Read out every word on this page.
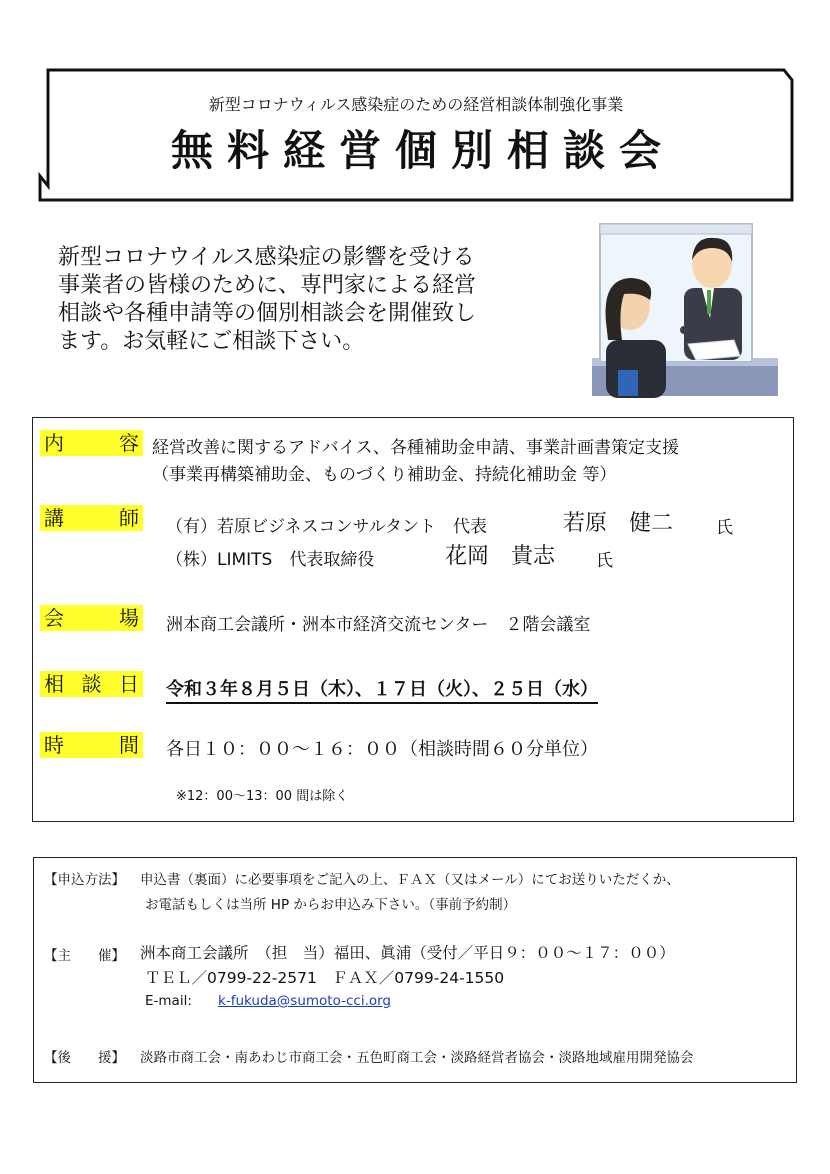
新型コロナウィルス感染症のための経営相談体制強化事業
無料経営個別相談会
新型コロナウイルス感染症の影響を受ける
事業者の皆様のために、専門家による経営
相談や各種申請等の個別相談会を開催致し
ます。お気軽にご相談下さい。
内	容 経営改善に関するアドバイス、各種補助金申請、事業計画書策定支援
（事業再構築補助金、ものづくり補助金、持続化補助金 等）
講	師 （有）若原ビジネスコンサルタント　代表	若原　健二	氏
（株）LIMITS　代表取締役	花岡　貴志 氏
会	場 洲本商工会議所・洲本市経済交流センター　２階会議室
相 談 日 令和３年８月５日（木）、１７日（火）、２５日（水）
時	間 各日１０：００～１６：００（相談時間６０分単位）
※12：00～13：00 間は除く
【申込方法】 申込書（裏面）に必要事項をご記入の上、ＦＡＸ（又はメール）にてお送りいただくか、
お電話もしくは当所 HP からお申込み下さい。（事前予約制）
【主　　催】 洲本商工会議所　（担　当）福田、眞浦（受付／平日９：００～１７：００）
ＴＥＬ／0799-22-2571　ＦＡＸ／0799-24-1550
E-mail: k-fukuda@sumoto-cci.org
【後　　援】 淡路市商工会・南あわじ市商工会・五色町商工会・淡路経営者協会・淡路地域雇用開発協会
